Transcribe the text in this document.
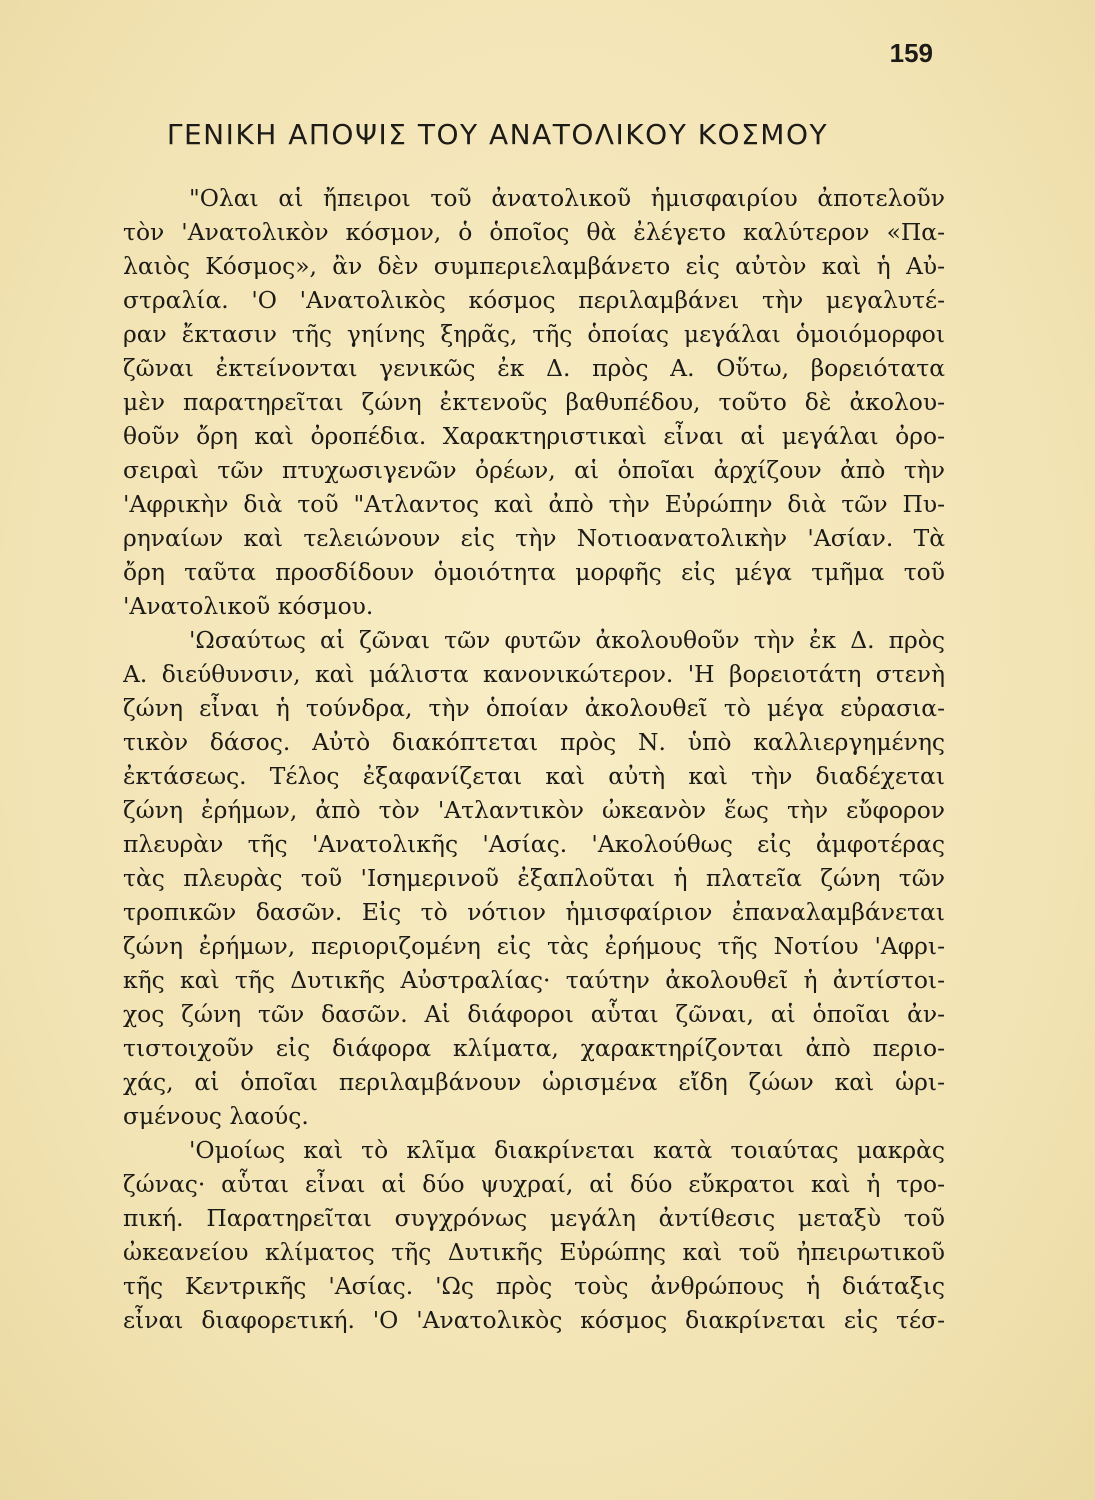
159
ΓΕΝΙΚΗ ΑΠΟΨΙΣ ΤΟΥ ΑΝΑΤΟΛΙΚΟΥ ΚΟΣΜΟΥ
"Ολαι αἱ ἤπειροι τοῦ ἀνατολικοῦ ἡμισφαιρίου ἀποτελοῦν
τὸν 'Ανατολικὸν κόσμον, ὁ ὁποῖος θὰ ἐλέγετο καλύτερον «Πα-
λαιὸς Κόσμος», ἂν δὲν συμπεριελαμβάνετο εἰς αὐτὸν καὶ ἡ Αὐ-
στραλία. 'Ο 'Ανατολικὸς κόσμος περιλαμβάνει τὴν μεγαλυτέ-
ραν ἔκτασιν τῆς γηίνης ξηρᾶς, τῆς ὁποίας μεγάλαι ὁμοιόμορφοι
ζῶναι ἐκτείνονται γενικῶς ἐκ Δ. πρὸς Α. Οὕτω, βορειότατα
μὲν παρατηρεῖται ζώνη ἐκτενοῦς βαθυπέδου, τοῦτο δὲ ἀκολου-
θοῦν ὄρη καὶ ὀροπέδια. Χαρακτηριστικαὶ εἶναι αἱ μεγάλαι ὀρο-
σειραὶ τῶν πτυχωσιγενῶν ὀρέων, αἱ ὁποῖαι ἀρχίζουν ἀπὸ τὴν
'Αφρικὴν διὰ τοῦ "Ατλαντος καὶ ἀπὸ τὴν Εὐρώπην διὰ τῶν Πυ-
ρηναίων καὶ τελειώνουν εἰς τὴν Νοτιοανατολικὴν 'Ασίαν. Τὰ
ὄρη ταῦτα προσδίδουν ὁμοιότητα μορφῆς εἰς μέγα τμῆμα τοῦ
'Ανατολικοῦ κόσμου.
'Ωσαύτως αἱ ζῶναι τῶν φυτῶν ἀκολουθοῦν τὴν ἐκ Δ. πρὸς
Α. διεύθυνσιν, καὶ μάλιστα κανονικώτερον. 'Η βορειοτάτη στενὴ
ζώνη εἶναι ἡ τούνδρα, τὴν ὁποίαν ἀκολουθεῖ τὸ μέγα εὐρασια-
τικὸν δάσος. Αὐτὸ διακόπτεται πρὸς Ν. ὑπὸ καλλιεργημένης
ἐκτάσεως. Τέλος ἐξαφανίζεται καὶ αὐτὴ καὶ τὴν διαδέχεται
ζώνη ἐρήμων, ἀπὸ τὸν 'Ατλαντικὸν ὠκεανὸν ἕως τὴν εὔφορον
πλευρὰν τῆς 'Ανατολικῆς 'Ασίας. 'Ακολούθως εἰς ἀμφοτέρας
τὰς πλευρὰς τοῦ 'Ισημερινοῦ ἐξαπλοῦται ἡ πλατεῖα ζώνη τῶν
τροπικῶν δασῶν. Εἰς τὸ νότιον ἡμισφαίριον ἐπαναλαμβάνεται
ζώνη ἐρήμων, περιοριζομένη εἰς τὰς ἐρήμους τῆς Νοτίου 'Αφρι-
κῆς καὶ τῆς Δυτικῆς Αὐστραλίας· ταύτην ἀκολουθεῖ ἡ ἀντίστοι-
χος ζώνη τῶν δασῶν. Αἱ διάφοροι αὗται ζῶναι, αἱ ὁποῖαι ἀν-
τιστοιχοῦν εἰς διάφορα κλίματα, χαρακτηρίζονται ἀπὸ περιο-
χάς, αἱ ὁποῖαι περιλαμβάνουν ὡρισμένα εἴδη ζώων καὶ ὡρι-
σμένους λαούς.
'Ομοίως καὶ τὸ κλῖμα διακρίνεται κατὰ τοιαύτας μακρὰς
ζώνας· αὗται εἶναι αἱ δύο ψυχραί, αἱ δύο εὔκρατοι καὶ ἡ τρο-
πική. Παρατηρεῖται συγχρόνως μεγάλη ἀντίθεσις μεταξὺ τοῦ
ὠκεανείου κλίματος τῆς Δυτικῆς Εὐρώπης καὶ τοῦ ἠπειρωτικοῦ
τῆς Κεντρικῆς 'Ασίας. 'Ως πρὸς τοὺς ἀνθρώπους ἡ διάταξις
εἶναι διαφορετική. 'Ο 'Ανατολικὸς κόσμος διακρίνεται εἰς τέσ-
